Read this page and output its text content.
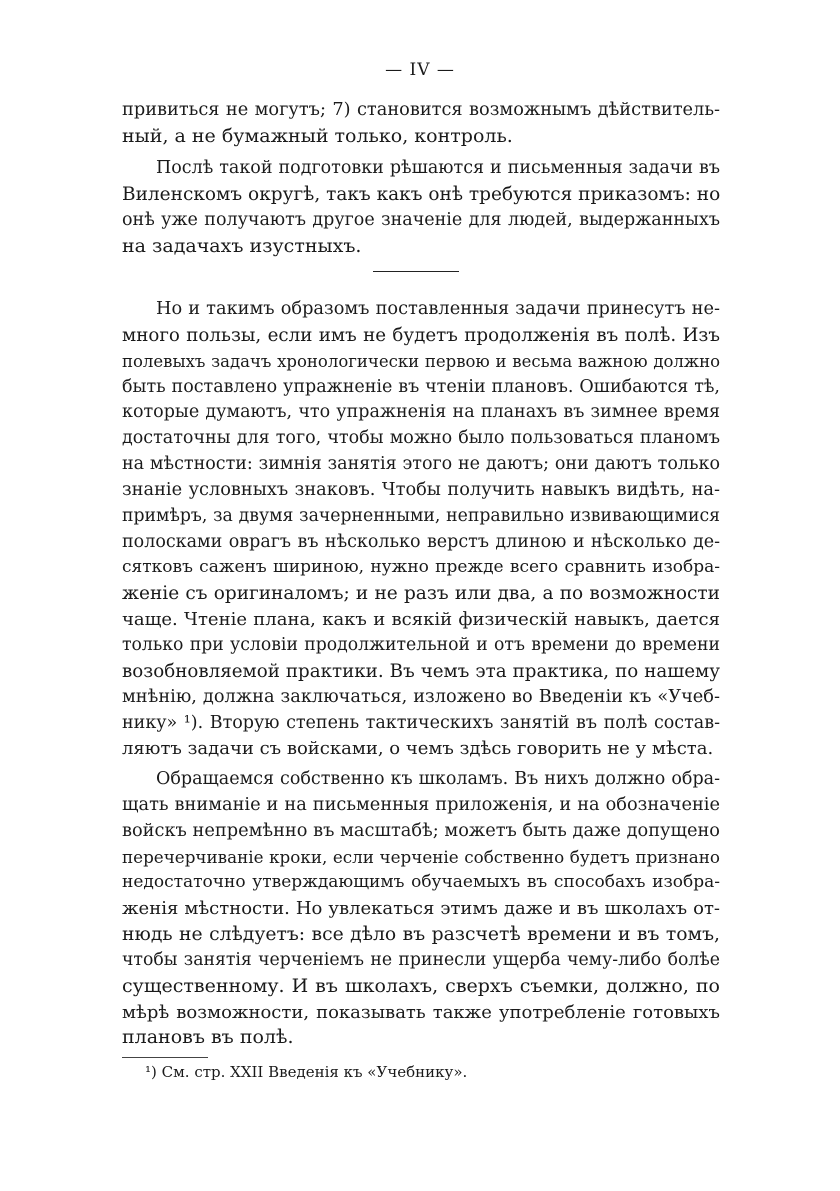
— IV —
привиться не могутъ; 7) становится возможнымъ дѣйствитель-
ный, а не бумажный только, контроль.
Послѣ такой подготовки рѣшаются и письменныя задачи въ
Виленскомъ округѣ, такъ какъ онѣ требуются приказомъ: но
онѣ уже получаютъ другое значеніе для людей, выдержанныхъ
на задачахъ изустныхъ.
Но и такимъ образомъ поставленныя задачи принесутъ не-
много пользы, если имъ не будетъ продолженія въ полѣ. Изъ
полевыхъ задачъ хронологически первою и весьма важною должно
быть поставлено упражненіе въ чтеніи плановъ. Ошибаются тѣ,
которые думаютъ, что упражненія на планахъ въ зимнее время
достаточны для того, чтобы можно было пользоваться планомъ
на мѣстности: зимнія занятія этого не даютъ; они даютъ только
знаніе условныхъ знаковъ. Чтобы получить навыкъ видѣть, на-
примѣръ, за двумя зачерненными, неправильно извивающимися
полосками оврагъ въ нѣсколько верстъ длиною и нѣсколько де-
сятковъ саженъ шириною, нужно прежде всего сравнить изобра-
женіе съ оригиналомъ; и не разъ или два, а по возможности
чаще. Чтеніе плана, какъ и всякій физическій навыкъ, дается
только при условіи продолжительной и отъ времени до времени
возобновляемой практики. Въ чемъ эта практика, по нашему
мнѣнію, должна заключаться, изложено во Введеніи къ «Учеб-
нику» ¹). Вторую степень тактическихъ занятій въ полѣ состав-
ляютъ задачи съ войсками, о чемъ здѣсь говорить не у мѣста.
Обращаемся собственно къ школамъ. Въ нихъ должно обра-
щать вниманіе и на письменныя приложенія, и на обозначеніе
войскъ непремѣнно въ масштабѣ; можетъ быть даже допущено
перечерчиваніе кроки, если черченіе собственно будетъ признано
недостаточно утверждающимъ обучаемыхъ въ способахъ изобра-
женія мѣстности. Но увлекаться этимъ даже и въ школахъ от-
нюдь не слѣдуетъ: все дѣло въ разсчетѣ времени и въ томъ,
чтобы занятія черченіемъ не принесли ущерба чему-либо болѣе
существенному. И въ школахъ, сверхъ съемки, должно, по
мѣрѣ возможности, показывать также употребленіе готовыхъ
плановъ въ полѣ.
¹) См. стр. XXII Введенія къ «Учебнику».
